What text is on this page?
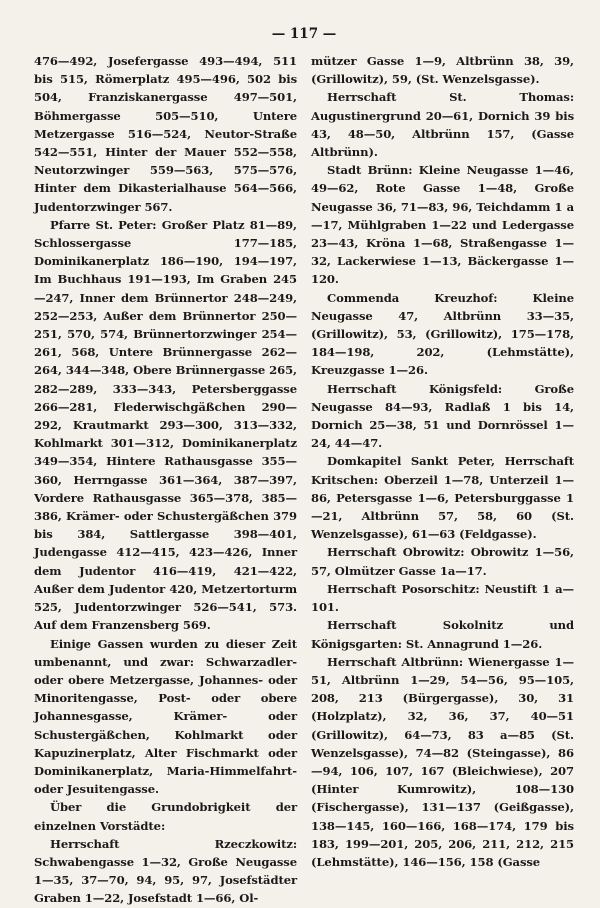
— 117 —

476—492, Josefergasse 493—494, 511 bis 515, Römerplatz 495—496, 502 bis 504, Franziskanergasse 497—501, Böhmergasse 505—510, Untere Metzergasse 516—524, Neutor-Straße 542—551, Hinter der Mauer 552—558, Neutorzwinger 559—563, 575—576, Hinter dem Dikasterialhause 564—566, Judentorzwinger 567.

Pfarre St. Peter: Großer Platz 81—89, Schlossergasse 177—185, Dominikanerplatz 186—190, 194—197, Im Buchhaus 191—193, Im Graben 245—247, Inner dem Brünnertor 248—249, 252—253, Außer dem Brünnertor 250—251, 570, 574, Brünnertorzwinger 254—261, 568, Untere Brünnergasse 262—264, 344—348, Obere Brünnergasse 265, 282—289, 333—343, Petersberggasse 266—281, Flederwischgäßchen 290—292, Krautmarkt 293—300, 313—332, Kohlmarkt 301—312, Dominikanerplatz 349—354, Hintere Rathausgasse 355—360, Herrngasse 361—364, 387—397, Vordere Rathausgasse 365—378, 385—386, Krämer- oder Schustergäßchen 379 bis 384, Sattlergasse 398—401, Judengasse 412—415, 423—426, Inner dem Judentor 416—419, 421—422, Außer dem Judentor 420, Metzertorturm 525, Judentorzwinger 526—541, 573. Auf dem Franzensberg 569.

Einige Gassen wurden zu dieser Zeit umbenannt, und zwar: Schwarzadler- oder obere Metzergasse, Johannes- oder Minoritengasse, Post- oder obere Johannesgasse, Krämer- oder Schustergäßchen, Kohlmarkt oder Kapuzinerplatz, Alter Fischmarkt oder Dominikanerplatz, Maria-Himmelfahrt- oder Jesuitengasse.

Über die Grundobrigkeit der einzelnen Vorstädte:

Herrschaft Rzeczkowitz: Schwabengasse 1—32, Große Neugasse 1—35, 37—70, 94, 95, 97, Josefstädter Graben 1—22, Josefstadt 1—66, Ol-

mützer Gasse 1—9, Altbrünn 38, 39, (Grillowitz), 59, (St. Wenzelsgasse).

Herrschaft St. Thomas: Augustinergrund 20—61, Dornich 39 bis 43, 48—50, Altbrünn 157, (Gasse Altbrünn).

Stadt Brünn: Kleine Neugasse 1—46, 49—62, Rote Gasse 1—48, Große Neugasse 36, 71—83, 96, Teichdamm 1 a—17, Mühlgraben 1—22 und Ledergasse 23—43, Kröna 1—68, Straßengasse 1—32, Lackerwiese 1—13, Bäckergasse 1—120.

Commenda Kreuzhof: Kleine Neugasse 47, Altbrünn 33—35, (Grillowitz), 53, (Grillowitz), 175—178, 184—198, 202, (Lehmstätte), Kreuzgasse 1—26.

Herrschaft Königsfeld: Große Neugasse 84—93, Radlaß 1 bis 14, Dornich 25—38, 51 und Dornrössel 1—24, 44—47.

Domkapitel Sankt Peter, Herrschaft Kritschen: Oberzeil 1—78, Unterzeil 1—86, Petersgasse 1—6, Petersburggasse 1—21, Altbrünn 57, 58, 60 (St. Wenzelsgasse), 61—63 (Feldgasse).

Herrschaft Obrowitz: Obrowitz 1—56, 57, Olmützer Gasse 1a—17.

Herrschaft Posorschitz: Neustift 1 a—101.

Herrschaft Sokolnitz und Königsgarten: St. Annagrund 1—26.

Herrschaft Altbrünn: Wienergasse 1—51, Altbrünn 1—29, 54—56, 95—105, 208, 213 (Bürgergasse), 30, 31 (Holzplatz), 32, 36, 37, 40—51 (Grillowitz), 64—73, 83 a—85 (St. Wenzelsgasse), 74—82 (Steingasse), 86—94, 106, 107, 167 (Bleichwiese), 207 (Hinter Kumrowitz), 108—130 (Fischergasse), 131—137 (Geißgasse), 138—145, 160—166, 168—174, 179 bis 183, 199—201, 205, 206, 211, 212, 215 (Lehmstätte), 146—156, 158 (Gasse
